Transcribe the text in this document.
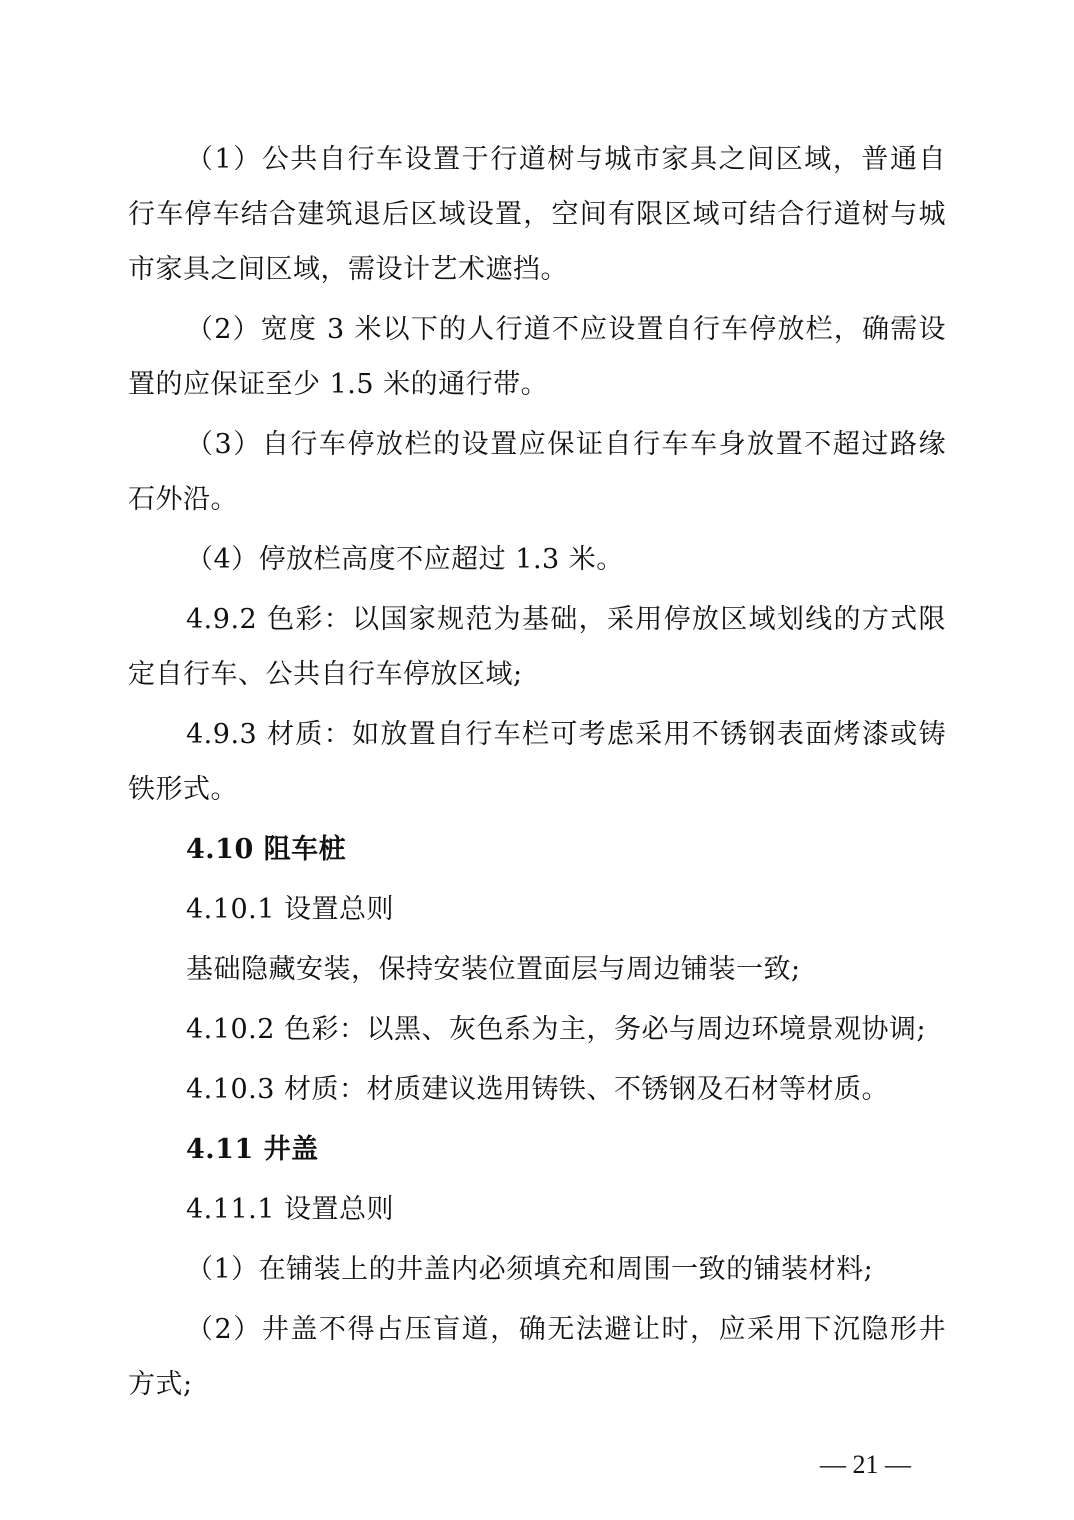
（1）公共自行车设置于行道树与城市家具之间区域，普通自行车停车结合建筑退后区域设置，空间有限区域可结合行道树与城市家具之间区域，需设计艺术遮挡。

（2）宽度 3 米以下的人行道不应设置自行车停放栏，确需设置的应保证至少 1.5 米的通行带。

（3）自行车停放栏的设置应保证自行车车身放置不超过路缘石外沿。

（4）停放栏高度不应超过 1.3 米。

4.9.2 色彩：以国家规范为基础，采用停放区域划线的方式限定自行车、公共自行车停放区域;

4.9.3 材质：如放置自行车栏可考虑采用不锈钢表面烤漆或铸铁形式。

4.10 阻车桩

4.10.1 设置总则

基础隐藏安装，保持安装位置面层与周边铺装一致;

4.10.2 色彩：以黑、灰色系为主，务必与周边环境景观协调;

4.10.3 材质：材质建议选用铸铁、不锈钢及石材等材质。

4.11 井盖

4.11.1 设置总则

（1）在铺装上的井盖内必须填充和周围一致的铺装材料;

（2）井盖不得占压盲道，确无法避让时，应采用下沉隐形井方式;

— 21 —
